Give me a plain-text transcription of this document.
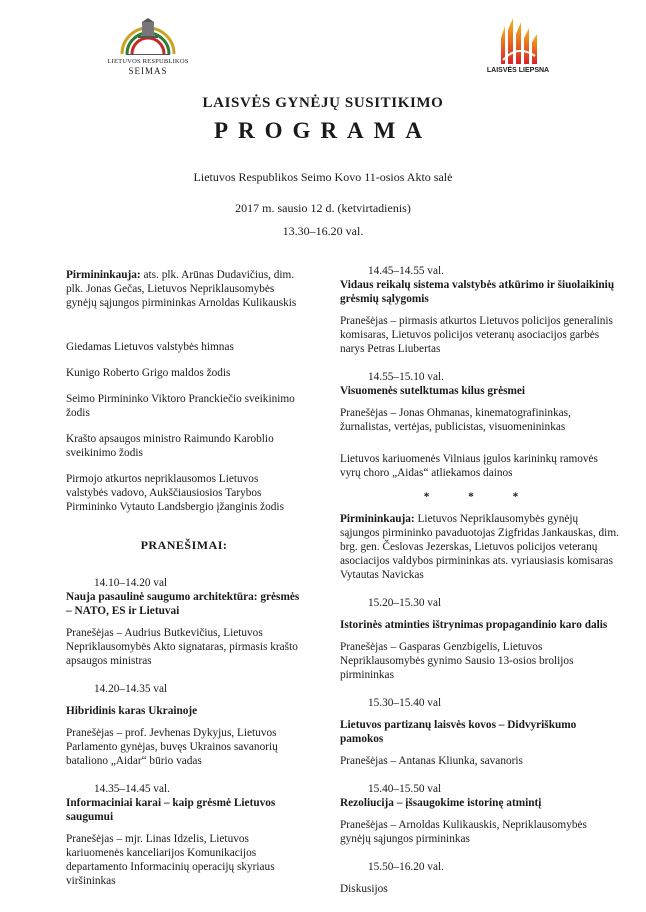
LIETUVOS RESPUBLIKOS
SEIMAS	LAISVĖS LIEPSNA
LAISVĖS GYNĖJŲ SUSITIKIMO
PROGRAMA
Lietuvos Respublikos Seimo Kovo 11-osios Akto salė
2017 m. sausio 12 d. (ketvirtadienis)
13.30–16.20 val.

Pirmininkauja: ats. plk. Arūnas Dudavičius, dim. plk. Jonas Gečas, Lietuvos Nepriklausomybės gynėjų sąjungos pirmininkas Arnoldas Kulikauskis

Giedamas Lietuvos valstybės himnas

Kunigo Roberto Grigo maldos žodis

Seimo Pirmininko Viktoro Pranckiečio sveikinimo žodis

Krašto apsaugos ministro Raimundo Karoblio sveikinimo žodis

Pirmojo atkurtos nepriklausomos Lietuvos valstybės vadovo, Aukščiausiosios Tarybos Pirmininko Vytauto Landsbergio įžanginis žodis

PRANEŠIMAI:

14.10–14.20 val

Nauja pasaulinė saugumo architektūra: grėsmės – NATO, ES ir Lietuvai

Pranešėjas – Audrius Butkevičius, Lietuvos Nepriklausomybės Akto signataras, pirmasis krašto apsaugos ministras

14.20–14.35 val

Hibridinis karas Ukrainoje

Pranešėjas – prof. Jevhenas Dykyjus, Lietuvos Parlamento gynėjas, buvęs Ukrainos savanorių bataliono „Aidar“ būrio vadas

14.35–14.45 val.

Informaciniai karai – kaip grėsmė Lietuvos saugumui

Pranešėjas – mjr. Linas Idzelis, Lietuvos kariuomenės kanceliarijos Komunikacijos departamento Informacinių operacijų skyriaus viršininkas

14.45–14.55 val.

Vidaus reikalų sistema valstybės atkūrimo ir šiuolaikinių grėsmių sąlygomis

Pranešėjas – pirmasis atkurtos Lietuvos policijos generalinis komisaras, Lietuvos policijos veteranų asociacijos garbės narys Petras Liubertas

14.55–15.10 val.

Visuomenės sutelktumas kilus grėsmei

Pranešėjas – Jonas Ohmanas, kinematografininkas, žurnalistas, vertėjas, publicistas, visuomenininkas

Lietuvos kariuomenės Vilniaus įgulos karininkų ramovės vyrų choro „Aidas“ atliekamos dainos

* * *

Pirmininkauja: Lietuvos Nepriklausomybės gynėjų sąjungos pirmininko pavaduotojas Zigfridas Jankauskas, dim. brg. gen. Česlovas Jezerskas, Lietuvos policijos veteranų asociacijos valdybos pirmininkas ats. vyriausiasis komisaras Vytautas Navickas

15.20–15.30 val

Istorinės atminties ištrynimas propagandinio karo dalis

Pranešėjas – Gasparas Genzbigelis, Lietuvos Nepriklausomybės gynimo Sausio 13-osios brolijos pirmininkas

15.30–15.40 val

Lietuvos partizanų laisvės kovos – Didvyriškumo pamokos

Pranešėjas – Antanas Kliunka, savanoris

15.40–15.50 val

Rezoliucija – įšsaugokime istorinę atmintį

Pranešėjas – Arnoldas Kulikauskis, Nepriklausomybės gynėjų sąjungos pirmininkas

15.50–16.20 val.

Diskusijos
